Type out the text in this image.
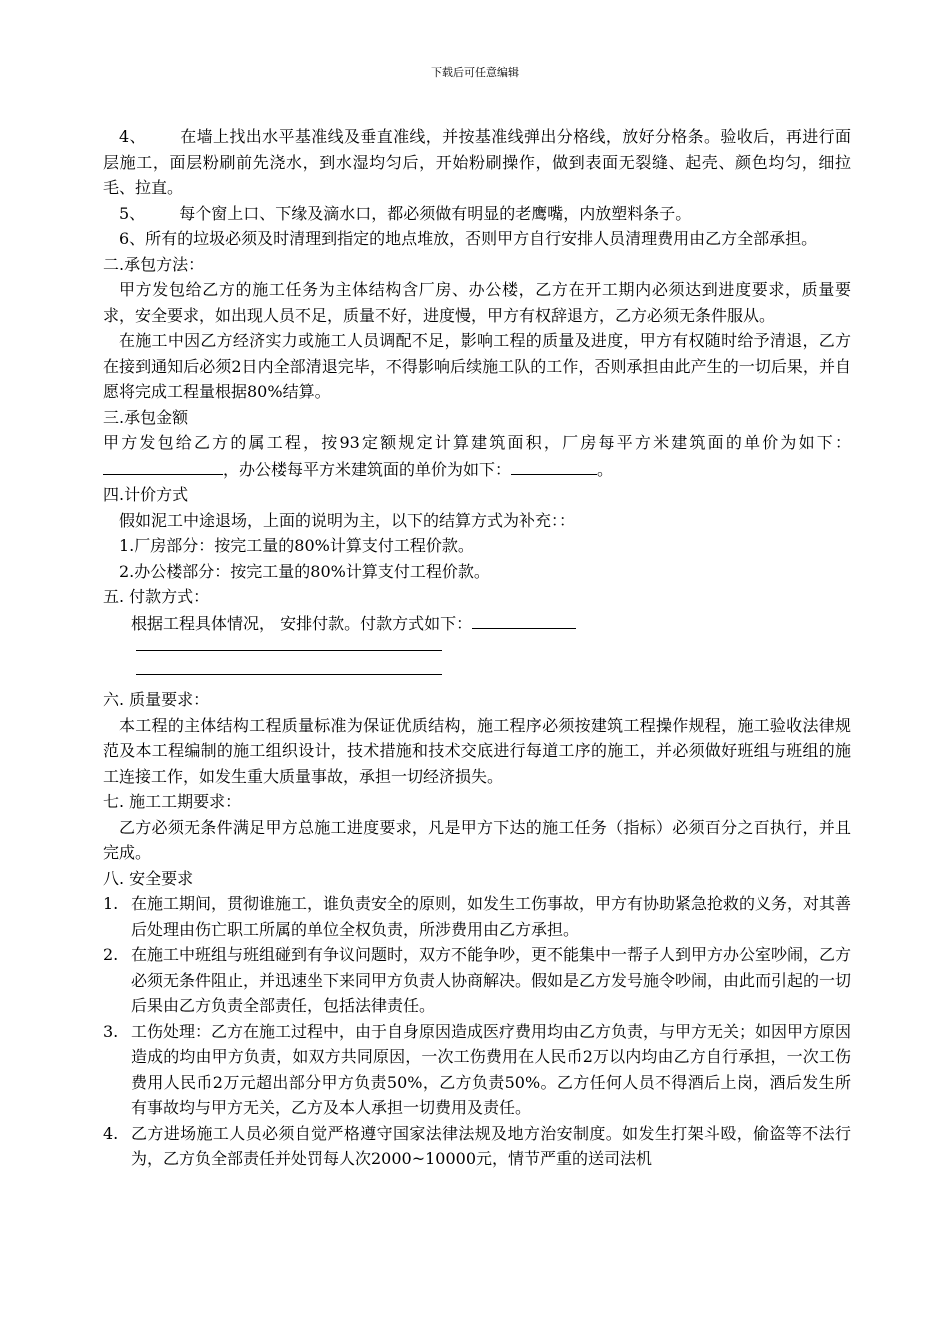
下载后可任意编辑

4、 在墙上找出水平基准线及垂直准线，并按基准线弹出分格线，放好分格条。验收后，再进行面层施工，面层粉刷前先浇水，到水湿均匀后，开始粉刷操作，做到表面无裂缝、起壳、颜色均匀，细拉毛、拉直。

5、 每个窗上口、下缘及滴水口，都必须做有明显的老鹰嘴，内放塑料条子。

6、所有的垃圾必须及时清理到指定的地点堆放，否则甲方自行安排人员清理费用由乙方全部承担。

二.承包方法：

甲方发包给乙方的施工任务为主体结构含厂房、办公楼，乙方在开工期内必须达到进度要求，质量要求，安全要求，如出现人员不足，质量不好，进度慢，甲方有权辞退方，乙方必须无条件服从。

在施工中因乙方经济实力或施工人员调配不足，影响工程的质量及进度，甲方有权随时给予清退，乙方在接到通知后必须2日内全部清退完毕，不得影响后续施工队的工作，否则承担由此产生的一切后果，并自愿将完成工程量根据80%结算。

三.承包金额

甲方发包给乙方的属工程，按93定额规定计算建筑面积，厂房每平方米建筑面的单价为如下：，办公楼每平方米建筑面的单价为如下：	。

四.计价方式

假如泥工中途退场，上面的说明为主，以下的结算方式为补充：：

1.厂房部分：按完工量的80%计算支付工程价款。

2.办公楼部分：按完工量的80%计算支付工程价款。

五. 付款方式：

根据工程具体情况， 安排付款。付款方式如下：

六. 质量要求：

本工程的主体结构工程质量标准为保证优质结构，施工程序必须按建筑工程操作规程，施工验收法律规范及本工程编制的施工组织设计，技术措施和技术交底进行每道工序的施工，并必须做好班组与班组的施工连接工作，如发生重大质量事故，承担一切经济损失。

七. 施工工期要求：

乙方必须无条件满足甲方总施工进度要求，凡是甲方下达的施工任务（指标）必须百分之百执行，并且完成。

八. 安全要求

1. 在施工期间，贯彻谁施工，谁负责安全的原则，如发生工伤事故，甲方有协助紧急抢救的义务，对其善后处理由伤亡职工所属的单位全权负责，所涉费用由乙方承担。
2. 在施工中班组与班组碰到有争议问题时，双方不能争吵，更不能集中一帮子人到甲方办公室吵闹，乙方必须无条件阻止，并迅速坐下来同甲方负责人协商解决。假如是乙方发号施令吵闹，由此而引起的一切后果由乙方负责全部责任，包括法律责任。
3. 工伤处理：乙方在施工过程中，由于自身原因造成医疗费用均由乙方负责，与甲方无关；如因甲方原因造成的均由甲方负责，如双方共同原因，一次工伤费用在人民币2万以内均由乙方自行承担，一次工伤费用人民币2万元超出部分甲方负责50%，乙方负责50%。乙方任何人员不得酒后上岗，酒后发生所有事故均与甲方无关，乙方及本人承担一切费用及责任。
4. 乙方进场施工人员必须自觉严格遵守国家法律法规及地方治安制度。如发生打架斗殴，偷盗等不法行为，乙方负全部责任并处罚每人次2000~10000元，情节严重的送司法机
